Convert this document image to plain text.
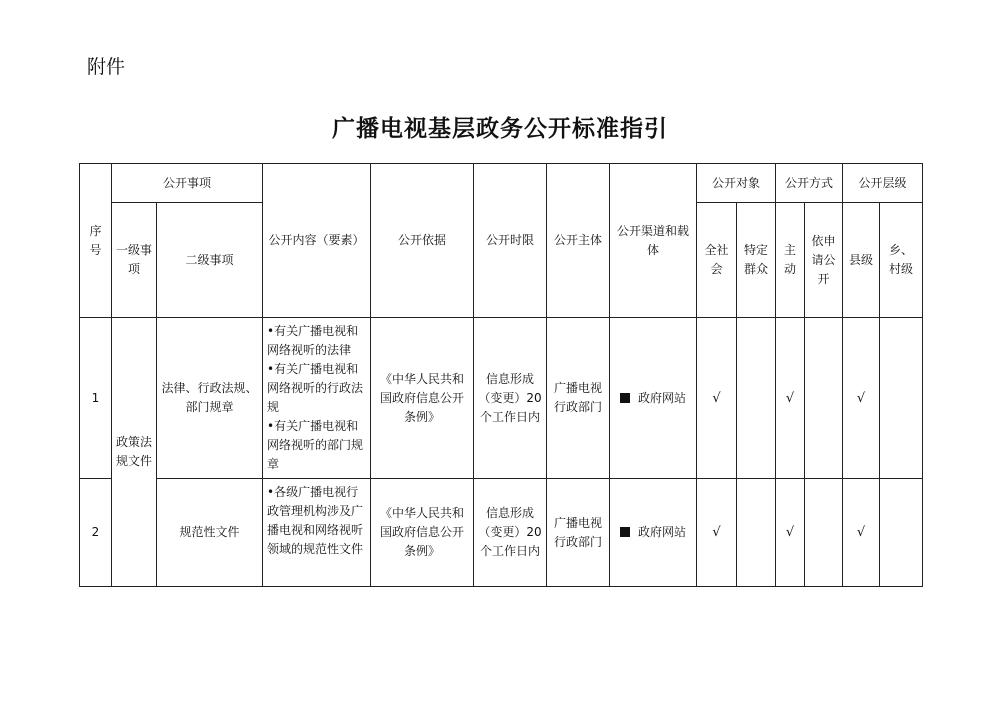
附件
广播电视基层政务公开标准指引
序号	公开事项		公开内容（要素）	公开依据	公开时限	公开主体	公开渠道和载体	公开对象		公开方式		公开层级	
	一级事项	二级事项						全社会	特定群众	主动	依申请公开	县级	乡、村级
1	政策法规文件	法律、行政法规、部门规章	• 有关广播电视和网络视听的法律
• 有关广播电视和网络视听的行政法规
• 有关广播电视和网络视听的部门规章	《中华人民共和国政府信息公开条例》	信息形成（变更）20个工作日内	广播电视行政部门	政府网站	√		√		√	
2		规范性文件	• 各级广播电视行政管理机构涉及广播电视和网络视听领域的规范性文件	《中华人民共和国政府信息公开条例》	信息形成（变更）20个工作日内	广播电视行政部门	政府网站	√		√		√	
